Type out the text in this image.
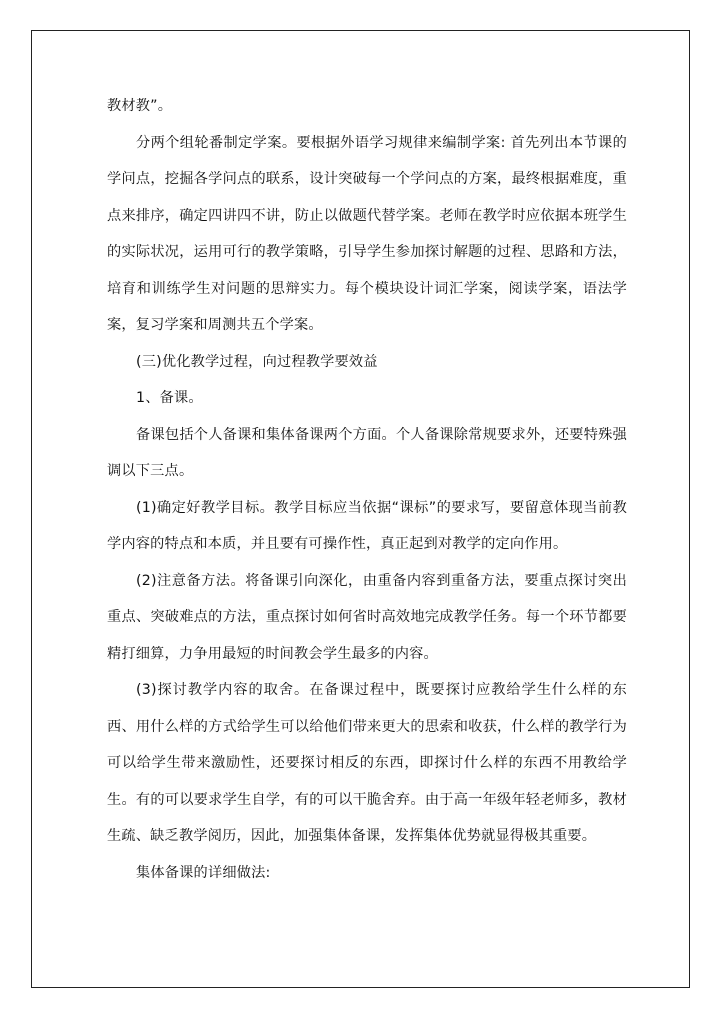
教材教”。

分两个组轮番制定学案。要根据外语学习规律来编制学案: 首先列出本节课的学问点，挖掘各学问点的联系，设计突破每一个学问点的方案，最终根据难度，重点来排序，确定四讲四不讲，防止以做题代替学案。老师在教学时应依据本班学生的实际状况，运用可行的教学策略，引导学生参加探讨解题的过程、思路和方法，培育和训练学生对问题的思辩实力。每个模块设计词汇学案，阅读学案，语法学案，复习学案和周测共五个学案。

(三)优化教学过程，向过程教学要效益

1、备课。

备课包括个人备课和集体备课两个方面。个人备课除常规要求外，还要特殊强调以下三点。

(1)确定好教学目标。教学目标应当依据“课标”的要求写，要留意体现当前教学内容的特点和本质，并且要有可操作性，真正起到对教学的定向作用。

(2)注意备方法。将备课引向深化，由重备内容到重备方法，要重点探讨突出重点、突破难点的方法，重点探讨如何省时高效地完成教学任务。每一个环节都要精打细算，力争用最短的时间教会学生最多的内容。

(3)探讨教学内容的取舍。在备课过程中，既要探讨应教给学生什么样的东西、用什么样的方式给学生可以给他们带来更大的思索和收获，什么样的教学行为可以给学生带来激励性，还要探讨相反的东西，即探讨什么样的东西不用教给学生。有的可以要求学生自学，有的可以干脆舍弃。由于高一年级年轻老师多，教材生疏、缺乏教学阅历，因此，加强集体备课，发挥集体优势就显得极其重要。

集体备课的详细做法:
